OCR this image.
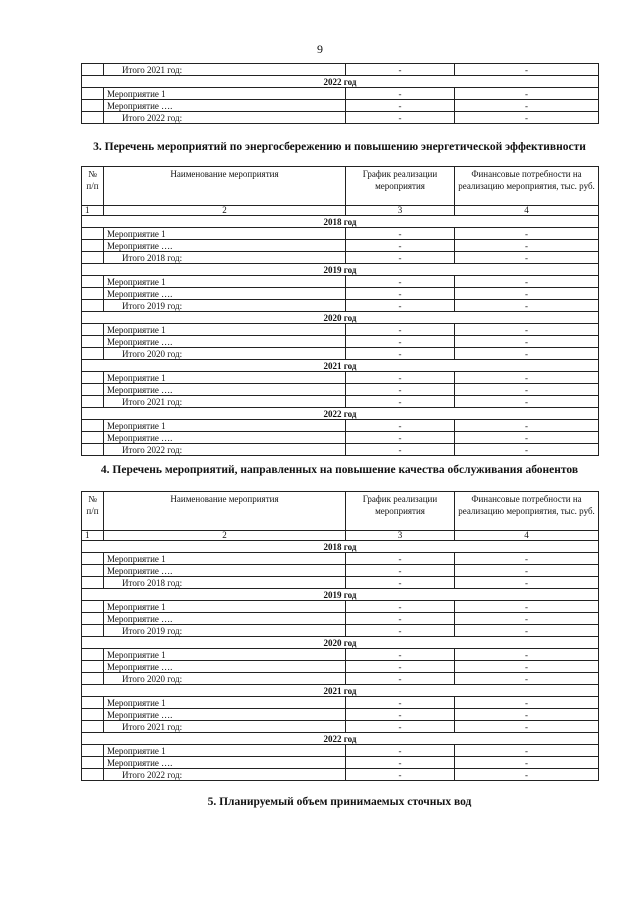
9
	Итого 2021 год:	-	-
2022 год			
	Мероприятие 1	-	-
	Мероприятие ….	-	-
	Итого 2022 год:	-	-
3. Перечень мероприятий по энергосбережению и повышению энергетической эффективности
№ п/п	Наименование мероприятия	График реализации мероприятия	Финансовые потребности на реализацию мероприятия, тыс. руб.
1	2	3	4
2018 год			
	Мероприятие 1	-	-
	Мероприятие ….	-	-
	Итого 2018 год:	-	-
2019 год			
	Мероприятие 1	-	-
	Мероприятие ….	-	-
	Итого 2019 год:	-	-
2020 год			
	Мероприятие 1	-	-
	Мероприятие ….	-	-
	Итого 2020 год:	-	-
2021 год			
	Мероприятие 1	-	-
	Мероприятие ….	-	-
	Итого 2021 год:	-	-
2022 год			
	Мероприятие 1	-	-
	Мероприятие ….	-	-
	Итого 2022 год:	-	-
4. Перечень мероприятий, направленных на повышение качества обслуживания абонентов
№ п/п	Наименование мероприятия	График реализации мероприятия	Финансовые потребности на реализацию мероприятия, тыс. руб.
1	2	3	4
2018 год			
	Мероприятие 1	-	-
	Мероприятие ….	-	-
	Итого 2018 год:	-	-
2019 год			
	Мероприятие 1	-	-
	Мероприятие ….	-	-
	Итого 2019 год:	-	-
2020 год			
	Мероприятие 1	-	-
	Мероприятие ….	-	-
	Итого 2020 год:	-	-
2021 год			
	Мероприятие 1	-	-
	Мероприятие ….	-	-
	Итого 2021 год:	-	-
2022 год			
	Мероприятие 1	-	-
	Мероприятие ….	-	-
	Итого 2022 год:	-	-
5. Планируемый объем принимаемых сточных вод
